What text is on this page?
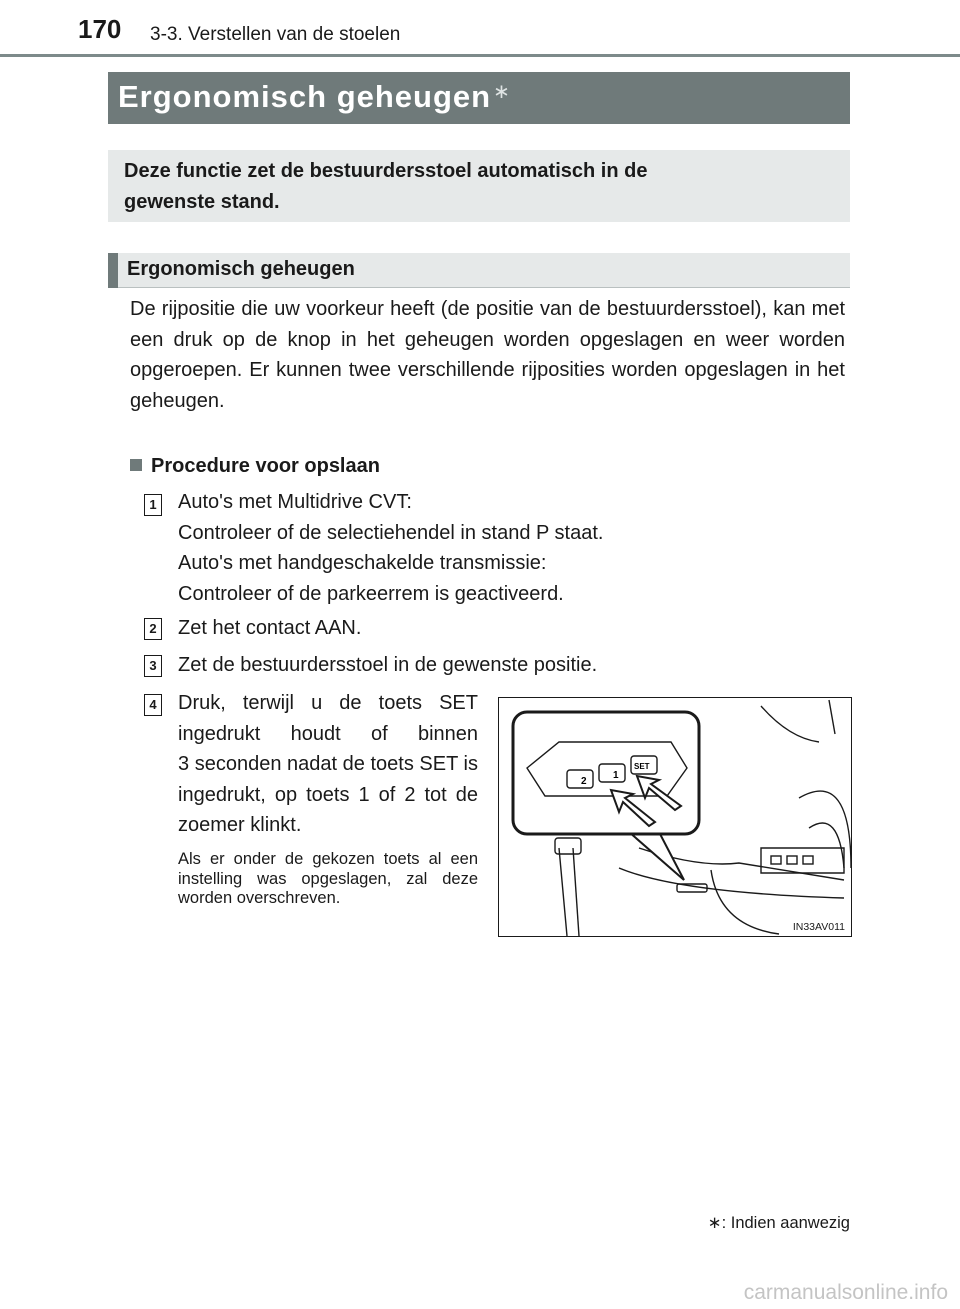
170 3-3. Verstellen van de stoelen
Ergonomisch geheugen ∗

Deze functie zet de bestuurdersstoel automatisch in de gewenste stand.

Ergonomisch geheugen

De rijpositie die uw voorkeur heeft (de positie van de bestuurdersstoel), kan met een druk op de knop in het geheugen worden opgeslagen en weer worden opgeroepen. Er kunnen twee verschillende rijposities worden opgeslagen in het geheugen.

Procedure voor opslaan
1 Auto's met Multidrive CVT:
Controleer of de selectiehendel in stand P staat.
Auto's met handgeschakelde transmissie:
Controleer of de parkeerrem is geactiveerd.
2 Zet het contact AAN.

3 Zet de bestuurdersstoel in de gewenste positie.

4 Druk, terwijl u de toets SET ingedrukt houdt of binnen 3 seconden nadat de toets SET is ingedrukt, op toets 1 of 2 tot de zoemer klinkt.

Als er onder de gekozen toets al een instelling was opgeslagen, zal deze worden overschreven.

2
1
SET
IN33AV011
∗: Indien aanwezig
carmanualsonline.info
